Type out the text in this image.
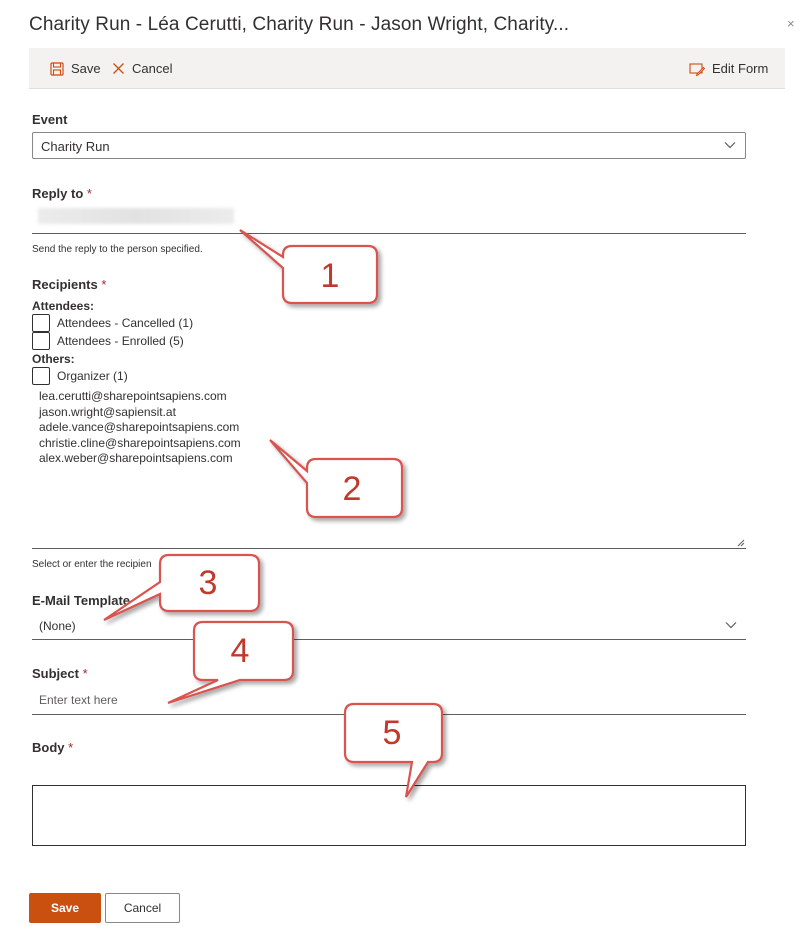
Charity Run - Léa Cerutti, Charity Run - Jason Wright, Charity...	×
Save Cancel	Edit Form
Event
Charity Run
Reply to *
Send the reply to the person specified.
Recipients *
Attendees:
Attendees - Cancelled (1)
Attendees - Enrolled (5)
Others:
Organizer (1)
lea.cerutti@sharepointsapiens.com
jason.wright@sapiensit.at
adele.vance@sharepointsapiens.com
christie.cline@sharepointsapiens.com
alex.weber@sharepointsapiens.com
Select or enter the recipien
E-Mail Template
(None)
Subject *
Enter text here
Body *
Save	Cancel
1
2
3
4
5
